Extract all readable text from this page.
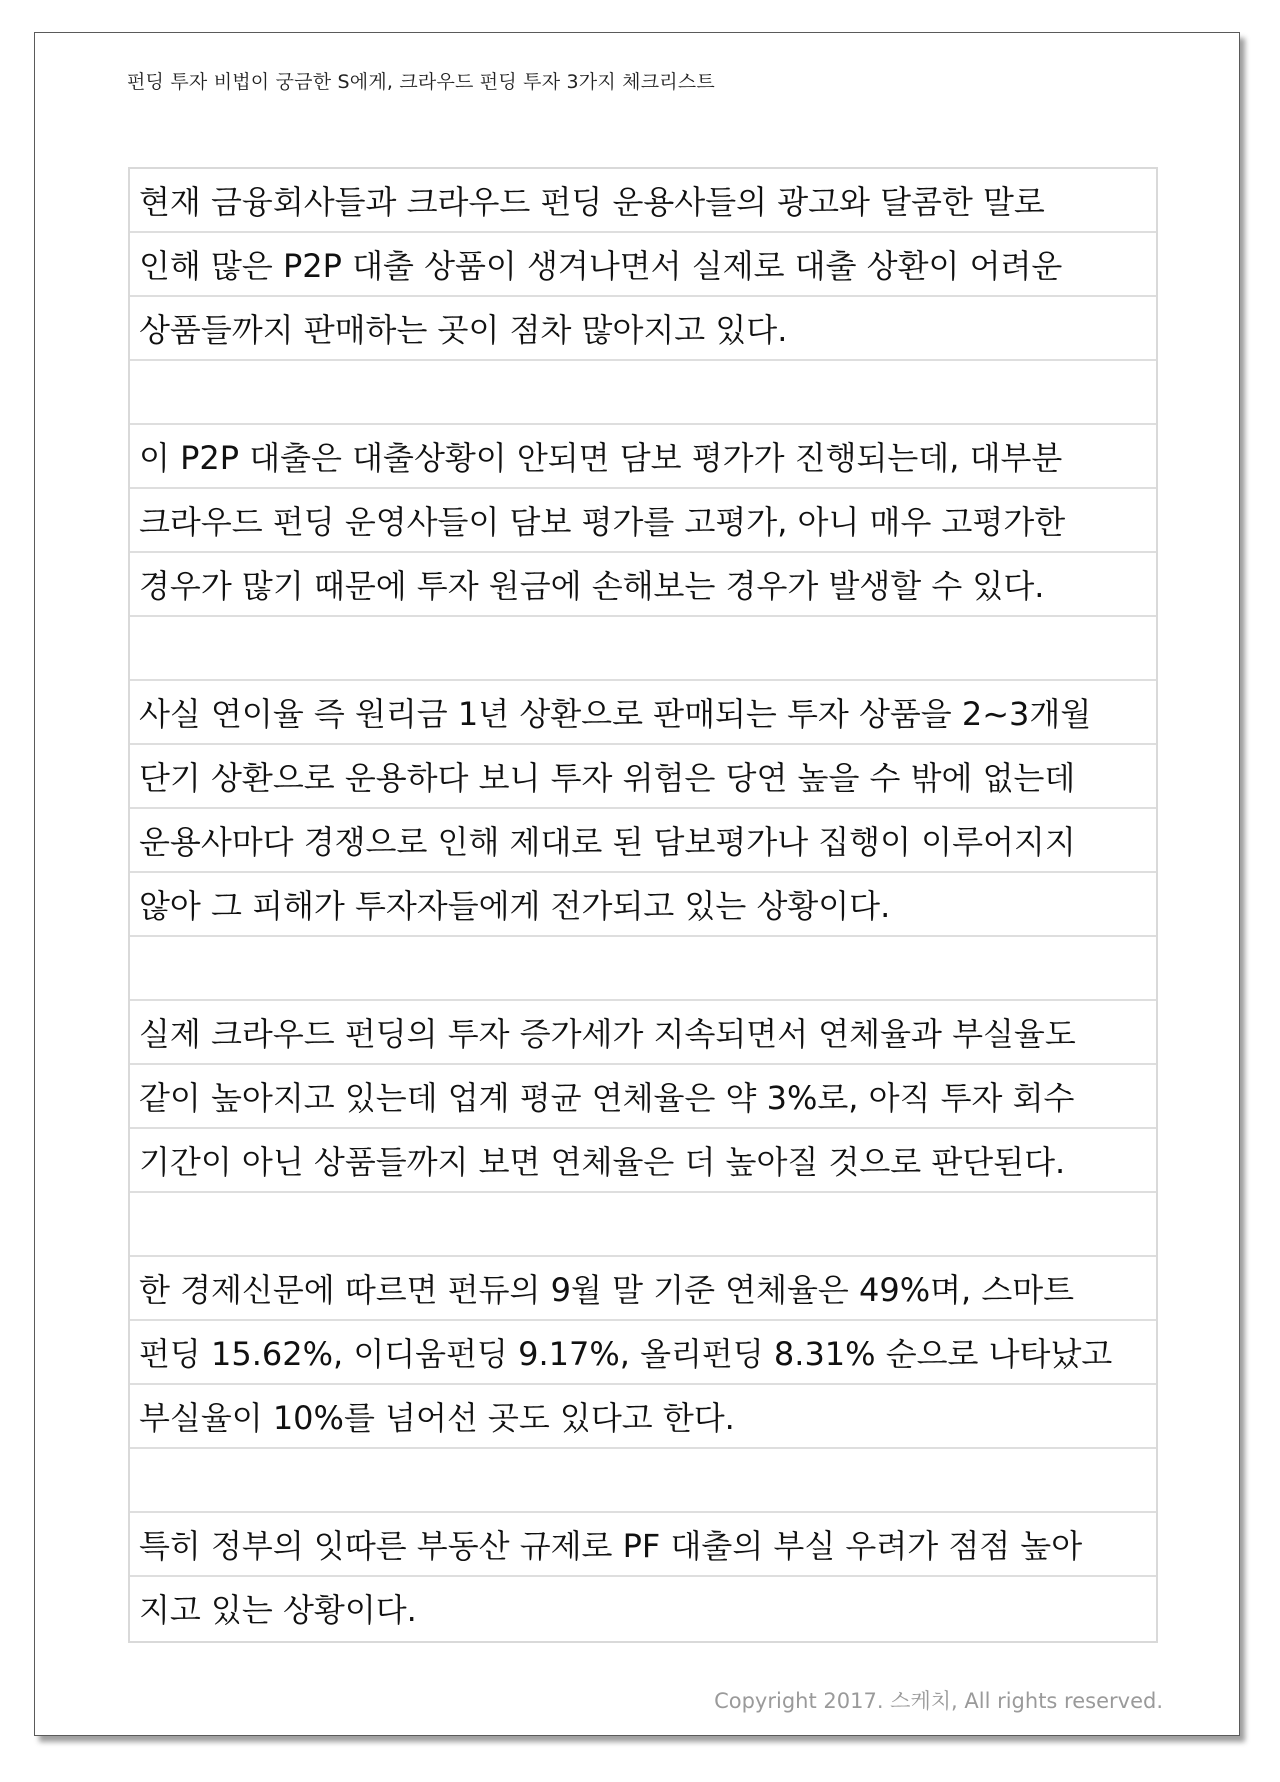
펀딩 투자 비법이 궁금한 S에게, 크라우드 펀딩 투자 3가지 체크리스트
현재 금융회사들과 크라우드 펀딩 운용사들의 광고와 달콤한 말로
인해 많은 P2P 대출 상품이 생겨나면서 실제로 대출 상환이 어려운
상품들까지 판매하는 곳이 점차 많아지고 있다.
이 P2P 대출은 대출상황이 안되면 담보 평가가 진행되는데, 대부분
크라우드 펀딩 운영사들이 담보 평가를 고평가, 아니 매우 고평가한
경우가 많기 때문에 투자 원금에 손해보는 경우가 발생할 수 있다.
사실 연이율 즉 원리금 1년 상환으로 판매되는 투자 상품을 2~3개월
단기 상환으로 운용하다 보니 투자 위험은 당연 높을 수 밖에 없는데
운용사마다 경쟁으로 인해 제대로 된 담보평가나 집행이 이루어지지
않아 그 피해가 투자자들에게 전가되고 있는 상황이다.
실제 크라우드 펀딩의 투자 증가세가 지속되면서 연체율과 부실율도
같이 높아지고 있는데 업계 평균 연체율은 약 3%로, 아직 투자 회수
기간이 아닌 상품들까지 보면 연체율은 더 높아질 것으로 판단된다.
한 경제신문에 따르면 펀듀의 9월 말 기준 연체율은 49%며, 스마트
펀딩 15.62%, 이디움펀딩 9.17%, 올리펀딩 8.31% 순으로 나타났고
부실율이 10%를 넘어선 곳도 있다고 한다.
특히 정부의 잇따른 부동산 규제로 PF 대출의 부실 우려가 점점 높아
지고 있는 상황이다.
Copyright 2017. 스케치, All rights reserved.
